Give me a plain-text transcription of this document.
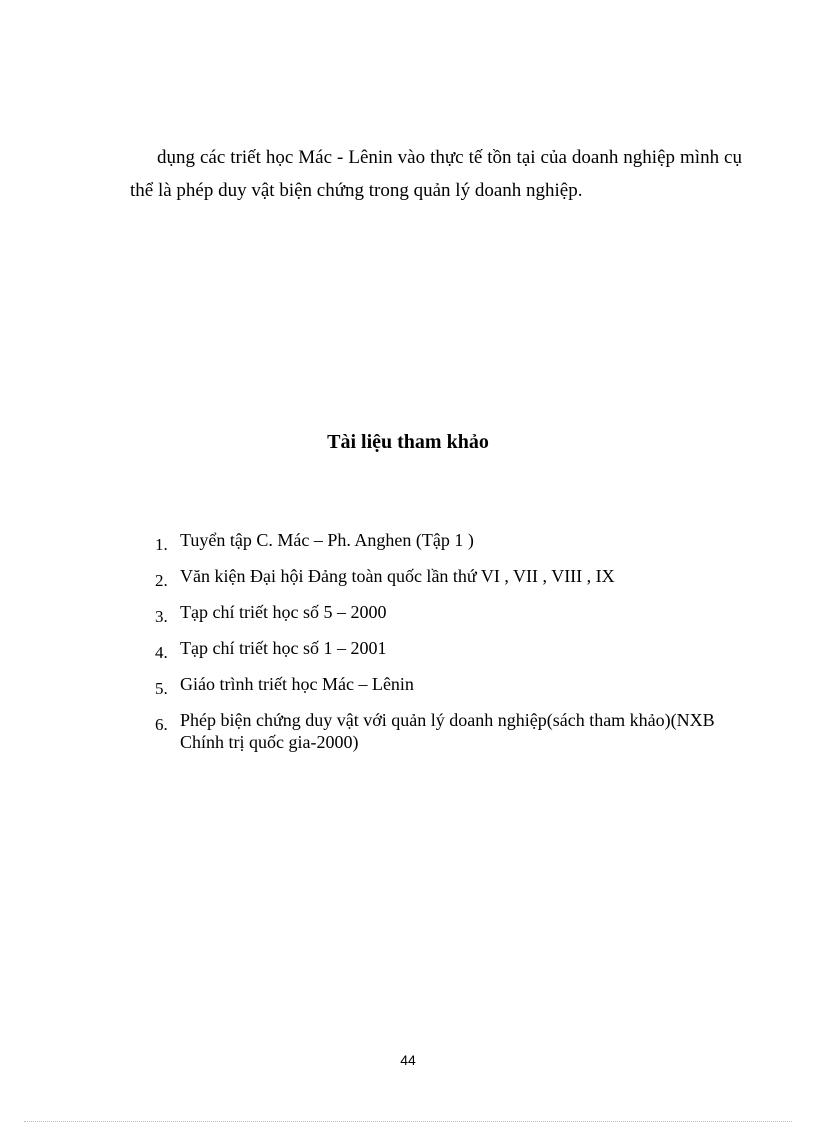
dụng các triết học Mác - Lênin vào thực tế tồn tại của doanh nghiệp mình cụ
thể là phép duy vật biện chứng trong quản lý doanh nghiệp.

Tài liệu tham khảo
1. Tuyển tập C. Mác – Ph. Anghen (Tập 1 )
2. Văn kiện Đại hội Đảng toàn quốc lần thứ VI , VII , VIII , IX
3. Tạp chí triết học số 5 – 2000
4. Tạp chí triết học số 1 – 2001
5. Giáo trình triết học Mác – Lênin
6. Phép biện chứng duy vật với quản lý doanh nghiệp(sách tham khảo)(NXB Chính trị quốc gia-2000)
44
